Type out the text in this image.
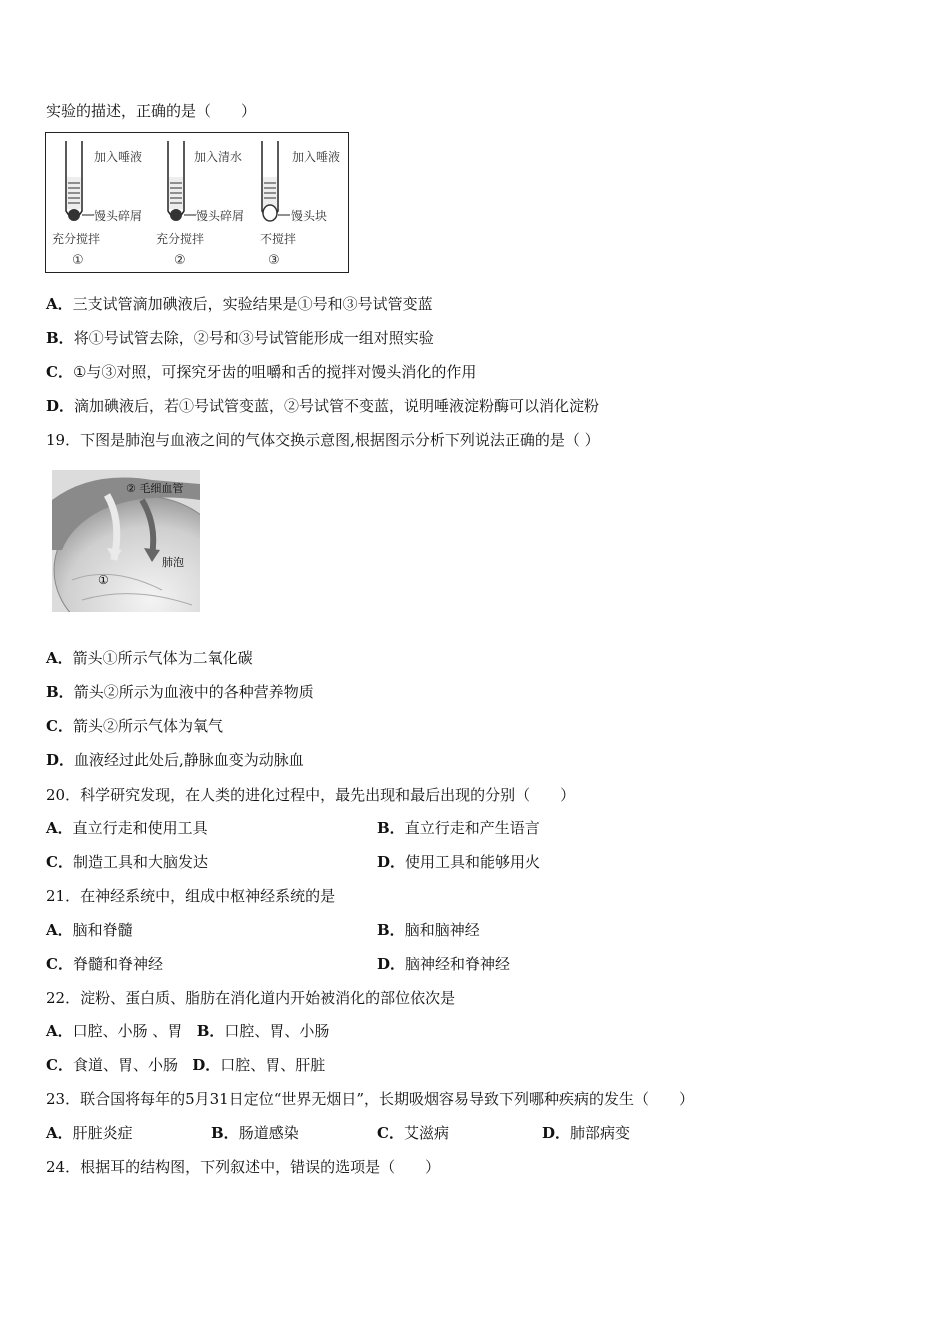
实验的描述，正确的是（　　）
加入唾液
馒头碎屑
充分搅拌
①
加入清水
馒头碎屑
充分搅拌
②
加入唾液
馒头块
不搅拌
③
A．三支试管滴加碘液后，实验结果是①号和③号试管变蓝
B．将①号试管去除，②号和③号试管能形成一组对照实验
C．①与③对照，可探究牙齿的咀嚼和舌的搅拌对馒头消化的作用
D．滴加碘液后，若①号试管变蓝，②号试管不变蓝，说明唾液淀粉酶可以消化淀粉
19．下图是肺泡与血液之间的气体交换示意图,根据图示分析下列说法正确的是（ ）
② 毛细血管
肺泡
①
A．箭头①所示气体为二氧化碳
B．箭头②所示为血液中的各种营养物质
C．箭头②所示气体为氧气
D．血液经过此处后,静脉血变为动脉血
20．科学研究发现，在人类的进化过程中，最先出现和最后出现的分别（　　）
A．直立行走和使用工具	B．直立行走和产生语言
C．制造工具和大脑发达	D．使用工具和能够用火
21．在神经系统中，组成中枢神经系统的是
A．脑和脊髓	B．脑和脑神经
C．脊髓和脊神经	D．脑神经和脊神经
22．淀粉、蛋白质、脂肪在消化道内开始被消化的部位依次是
A．口腔、小肠 、胃 B．口腔、胃、小肠
C．食道、胃、小肠 D．口腔、胃、肝脏
23．联合国将每年的5月31日定位“世界无烟日”，长期吸烟容易导致下列哪种疾病的发生（　　）
A．肝脏炎症	B．肠道感染	C．艾滋病	D．肺部病变
24．根据耳的结构图，下列叙述中，错误的选项是（　　）
